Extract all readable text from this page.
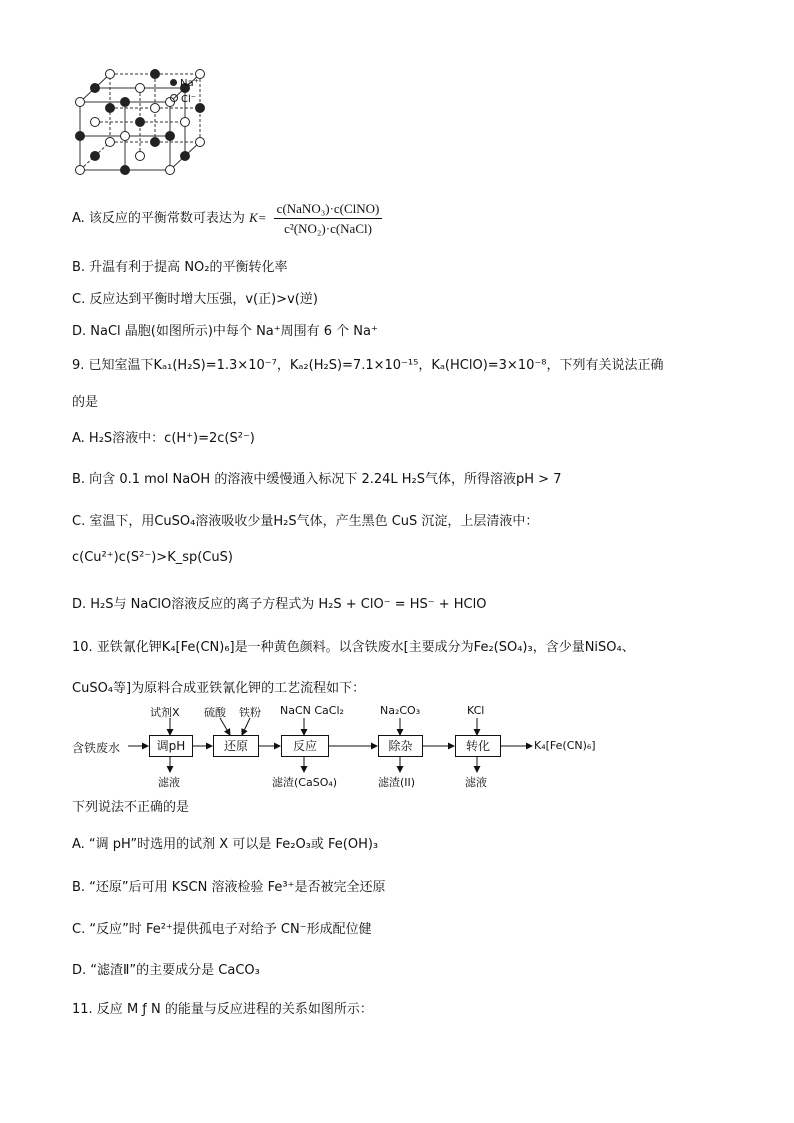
Na⁺
Cl⁻
A. 该反应的平衡常数可表达为 $K= \frac{\text{c(NaNO₃)·c(ClNO)}}{\text{c²(NO₂)·c(NaCl)}}$
B. 升温有利于提高 NO₂的平衡转化率
C. 反应达到平衡时增大压强，v(正)>v(逆)
D. NaCl 晶胞(如图所示)中每个 Na⁺周围有 6 个 Na⁺
9. 已知室温下Kₐ₁(H₂S)=1.3×10⁻⁷，Kₐ₂(H₂S)=7.1×10⁻¹⁵，Kₐ(HClO)=3×10⁻⁸，下列有关说法正确
的是
A. H₂S溶液中：c(H⁺)=2c(S²⁻)
B. 向含 0.1 mol NaOH 的溶液中缓慢通入标况下 2.24L H₂S气体，所得溶液pH > 7
C. 室温下，用CuSO₄溶液吸收少量H₂S气体，产生黑色 CuS 沉淀，上层清液中：
c(Cu²⁺)c(S²⁻)>K_sp(CuS)
D. H₂S与 NaClO溶液反应的离子方程式为 H₂S + ClO⁻ = HS⁻ + HClO
10. 亚铁氰化钾K₄[Fe(CN)₆]是一种黄色颜料。以含铁废水[主要成分为Fe₂(SO₄)₃，含少量NiSO₄、
CuSO₄等]为原料合成亚铁氰化钾的工艺流程如下：
含铁废水	调pH	还原	反应	除杂	转化	K₄[Fe(CN)₆]
试剂X 硫酸 铁粉 NaCN CaCl₂	Na₂CO₃	KCl
滤液	滤渣(CaSO₄)	滤渣(II)	滤液
下列说法不正确的是
A. “调 pH”时选用的试剂 X 可以是 Fe₂O₃或 Fe(OH)₃
B. “还原”后可用 KSCN 溶液检验 Fe³⁺是否被完全还原
C. “反应”时 Fe²⁺提供孤电子对给予 CN⁻形成配位健
D. “滤渣Ⅱ”的主要成分是 CaCO₃
11. 反应 M ƒ N 的能量与反应进程的关系如图所示：
